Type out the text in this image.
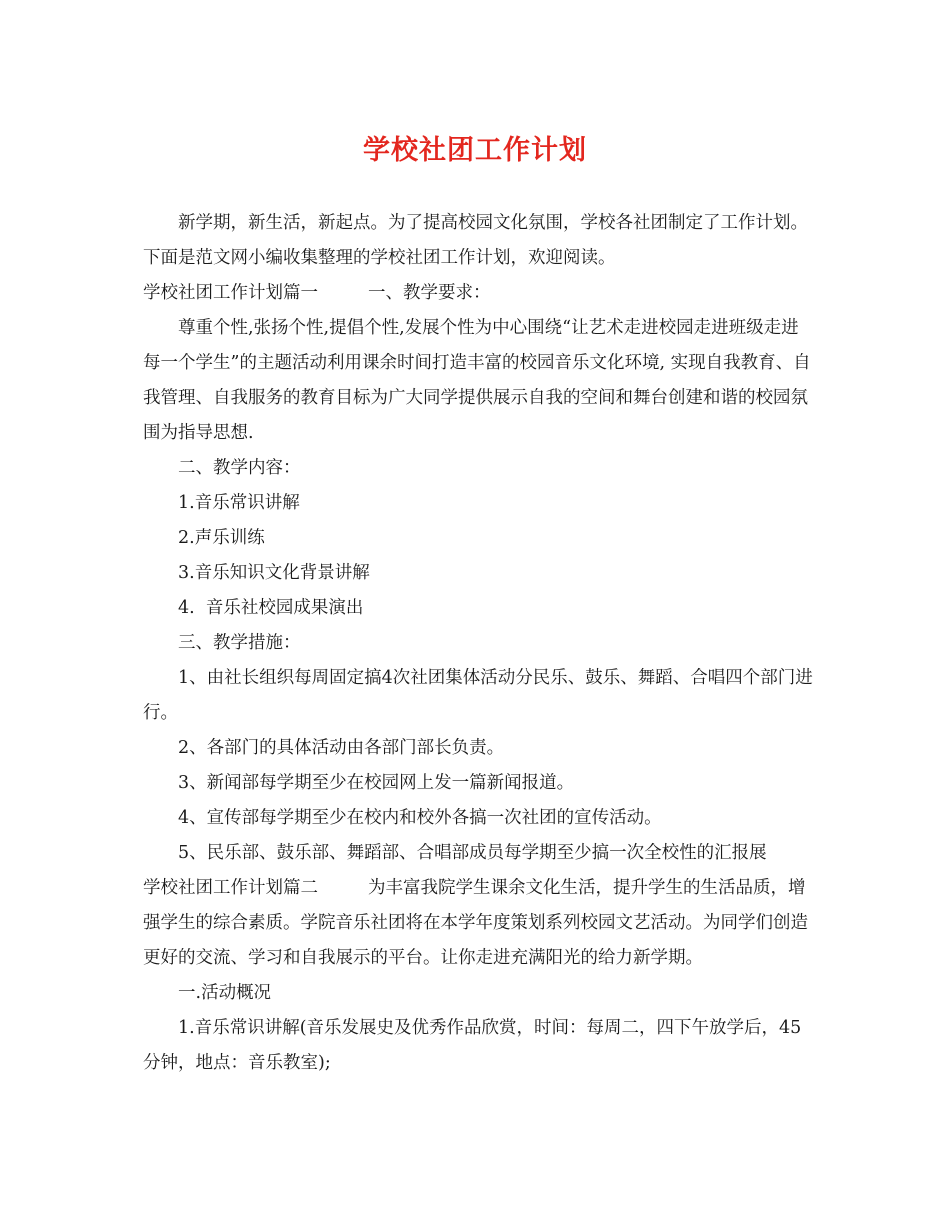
学校社团工作计划

新学期，新生活，新起点。为了提高校园文化氛围，学校各社团制定了工作计划。下面是范文网小编收集整理的学校社团工作计划，欢迎阅读。

学校社团工作计划篇一	一、教学要求：

尊重个性,张扬个性,提倡个性,发展个性为中心围绕“让艺术走进校园走进班级走进每一个学生”的主题活动利用课余时间打造丰富的校园音乐文化环境, 实现自我教育、自我管理、自我服务的教育目标为广大同学提供展示自我的空间和舞台创建和谐的校园氛围为指导思想.

二、教学内容：

1.音乐常识讲解

2.声乐训练

3.音乐知识文化背景讲解

4.  音乐社校园成果演出

三、教学措施：

1、由社长组织每周固定搞4次社团集体活动分民乐、鼓乐、舞蹈、合唱四个部门进行。

2、各部门的具体活动由各部门部长负责。

3、新闻部每学期至少在校园网上发一篇新闻报道。

4、宣传部每学期至少在校内和校外各搞一次社团的宣传活动。

5、民乐部、鼓乐部、舞蹈部、合唱部成员每学期至少搞一次全校性的汇报展

学校社团工作计划篇二	为丰富我院学生课余文化生活，提升学生的生活品质，增强学生的综合素质。学院音乐社团将在本学年度策划系列校园文艺活动。为同学们创造更好的交流、学习和自我展示的平台。让你走进充满阳光的给力新学期。

一.活动概况

1.音乐常识讲解(音乐发展史及优秀作品欣赏，时间：每周二，四下午放学后，45分钟，地点：音乐教室);
